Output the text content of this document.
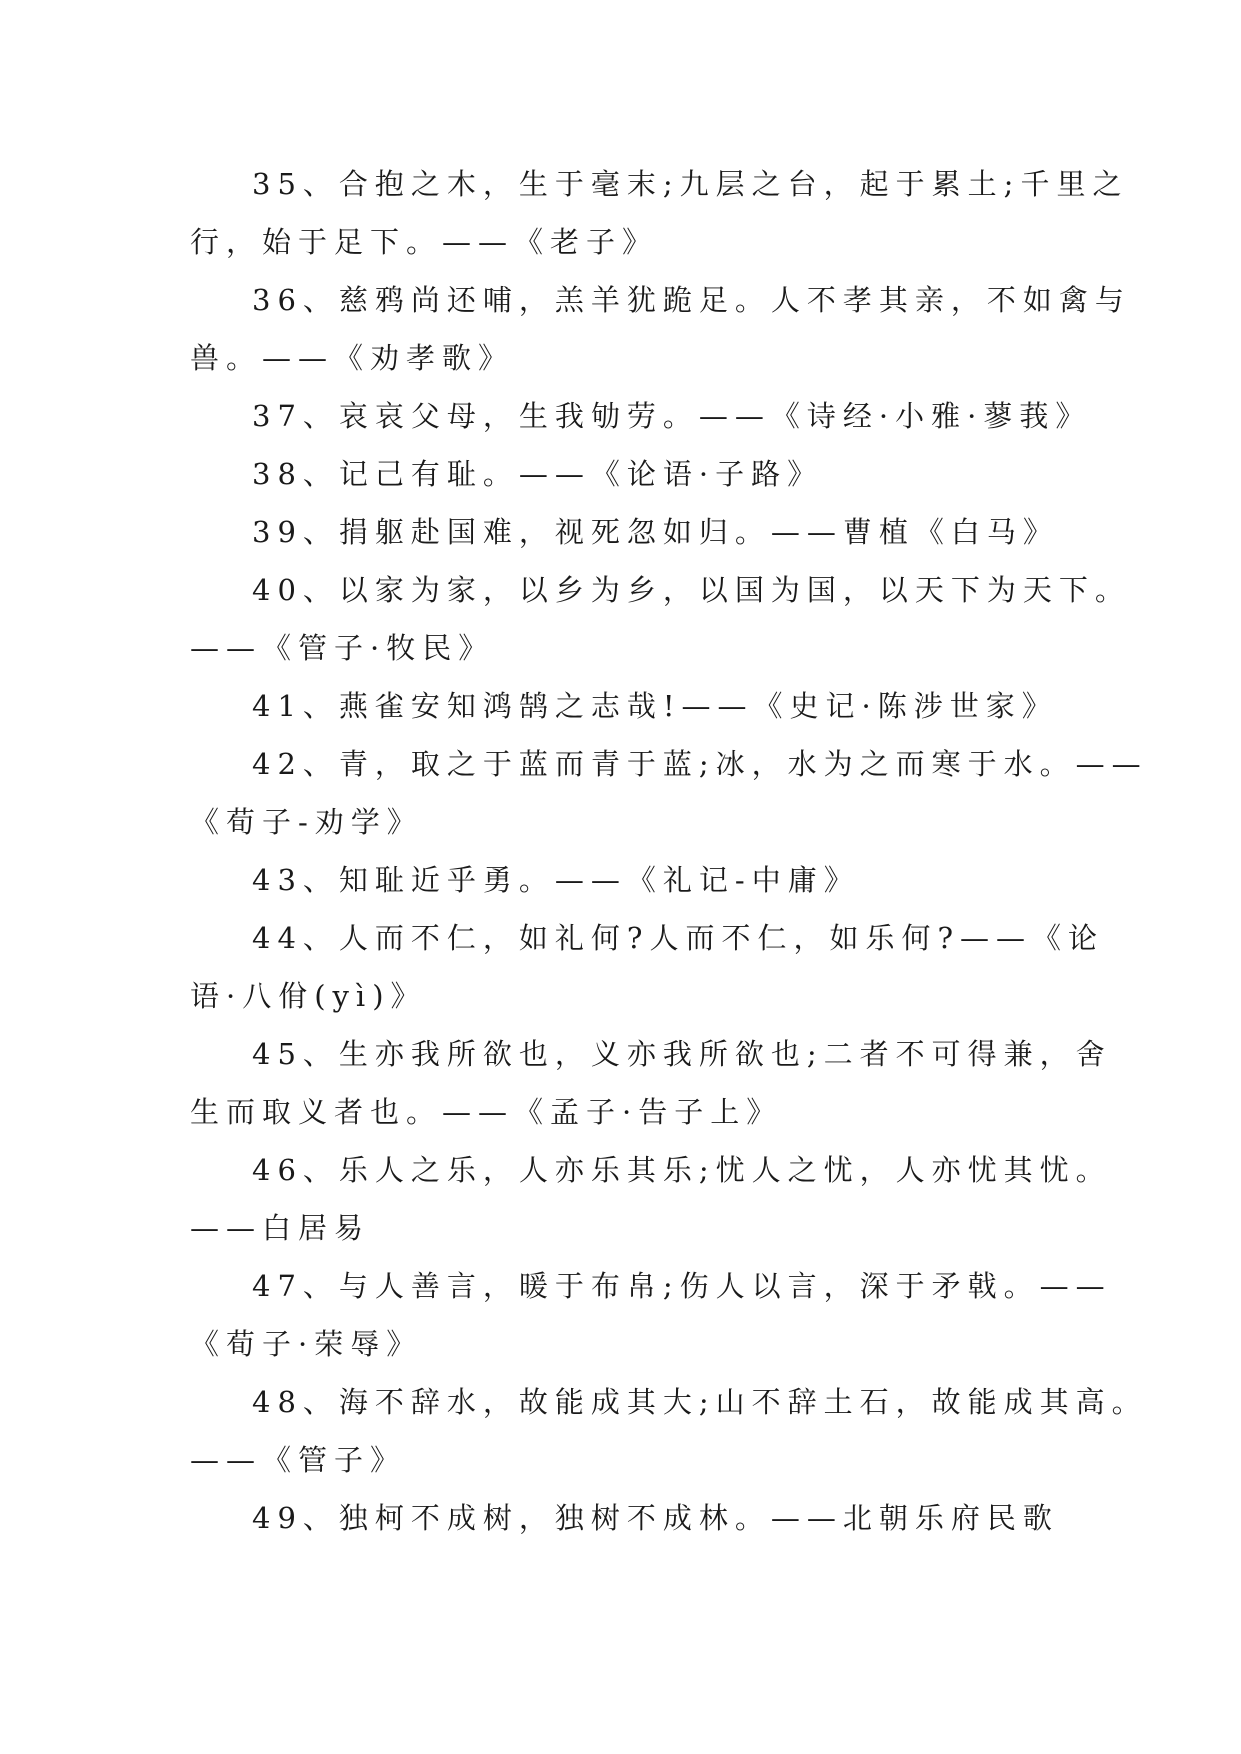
35、合抱之木，生于毫末;九层之台，起于累土;千里之
行，始于足下。——《老子》
36、慈鸦尚还哺，羔羊犹跪足。人不孝其亲，不如禽与
兽。——《劝孝歌》
37、哀哀父母，生我劬劳。——《诗经·小雅·蓼莪》
38、记己有耻。——《论语·子路》
39、捐躯赴国难，视死忽如归。——曹植《白马》
40、以家为家，以乡为乡，以国为国，以天下为天下。
——《管子·牧民》
41、燕雀安知鸿鹄之志哉!——《史记·陈涉世家》
42、青，取之于蓝而青于蓝;冰，水为之而寒于水。——
《荀子-劝学》
43、知耻近乎勇。——《礼记-中庸》
44、人而不仁，如礼何?人而不仁，如乐何?——《论
语·八佾(yì)》
45、生亦我所欲也，义亦我所欲也;二者不可得兼，舍
生而取义者也。——《孟子·告子上》
46、乐人之乐，人亦乐其乐;忧人之忧，人亦忧其忧。
——白居易
47、与人善言，暖于布帛;伤人以言，深于矛戟。——
《荀子·荣辱》
48、海不辞水，故能成其大;山不辞土石，故能成其高。
——《管子》
49、独柯不成树，独树不成林。——北朝乐府民歌
